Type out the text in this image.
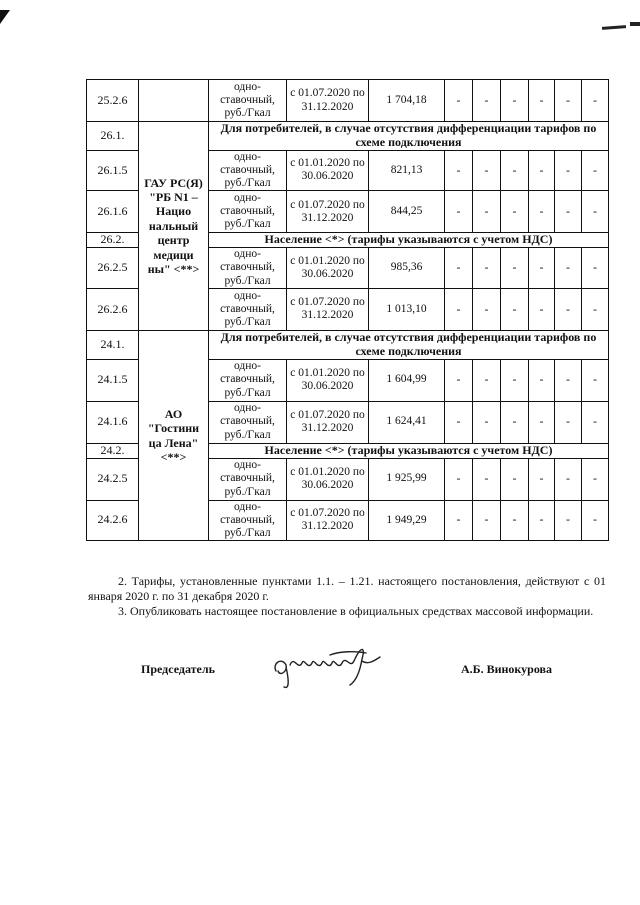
25.2.6		одно-ставочный, руб./Гкал	с 01.07.2020 по 31.12.2020	1 704,18	-	-	-	-	-	-
26.1.	ГАУ РС(Я) "РБ N1 – Нацио нальный центр медици ны" <**>	Для потребителей, в случае отсутствия дифференциации тарифов по схеме подключения								
26.1.5		одно-ставочный, руб./Гкал	с 01.01.2020 по 30.06.2020	821,13	-	-	-	-	-	-
26.1.6		одно-ставочный, руб./Гкал	с 01.07.2020 по 31.12.2020	844,25	-	-	-	-	-	-
26.2.		Население <*> (тарифы указываются с учетом НДС)								
26.2.5		одно-ставочный, руб./Гкал	с 01.01.2020 по 30.06.2020	985,36	-	-	-	-	-	-
26.2.6		одно-ставочный, руб./Гкал	с 01.07.2020 по 31.12.2020	1 013,10	-	-	-	-	-	-
24.1.	АО "Гостини ца Лена" <**>	Для потребителей, в случае отсутствия дифференциации тарифов по схеме подключения								
24.1.5		одно-ставочный, руб./Гкал	с 01.01.2020 по 30.06.2020	1 604,99	-	-	-	-	-	-
24.1.6		одно-ставочный, руб./Гкал	с 01.07.2020 по 31.12.2020	1 624,41	-	-	-	-	-	-
24.2.		Население <*> (тарифы указываются с учетом НДС)								
24.2.5		одно-ставочный, руб./Гкал	с 01.01.2020 по 30.06.2020	1 925,99	-	-	-	-	-	-
24.2.6		одно-ставочный, руб./Гкал	с 01.07.2020 по 31.12.2020	1 949,29	-	-	-	-	-	-
2. Тарифы, установленные пунктами 1.1. – 1.21. настоящего постановления, действуют с 01 января 2020 г. по 31 декабря 2020 г.
3. Опубликовать настоящее постановление в официальных средствах массовой информации.
Председатель	А.Б. Винокурова
